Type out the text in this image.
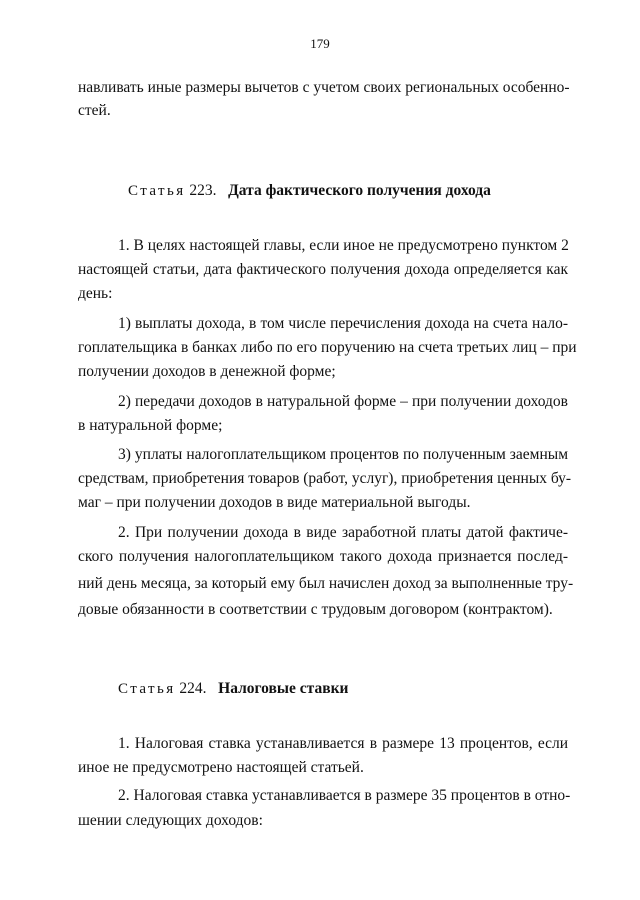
179
навливать иные размеры вычетов с учетом своих региональных особенно-
стей.
Статья 223. Дата фактического получения дохода
1. В целях настоящей главы, если иное не предусмотрено пунктом 2
настоящей статьи, дата фактического получения дохода определяется как
день:
1) выплаты дохода, в том числе перечисления дохода на счета нало-
гоплательщика в банках либо по его поручению на счета третьих лиц – при
получении доходов в денежной форме;
2) передачи доходов в натуральной форме – при получении доходов
в натуральной форме;
3) уплаты налогоплательщиком процентов по полученным заемным
средствам, приобретения товаров (работ, услуг), приобретения ценных бу-
маг – при получении доходов в виде материальной выгоды.
2. При получении дохода в виде заработной платы датой фактиче-
ского получения налогоплательщиком такого дохода признается послед-
ний день месяца, за который ему был начислен доход за выполненные тру-
довые обязанности в соответствии с трудовым договором (контрактом).
Статья 224. Налоговые ставки
1. Налоговая ставка устанавливается в размере 13 процентов, если
иное не предусмотрено настоящей статьей.
2. Налоговая ставка устанавливается в размере 35 процентов в отно-
шении следующих доходов:
